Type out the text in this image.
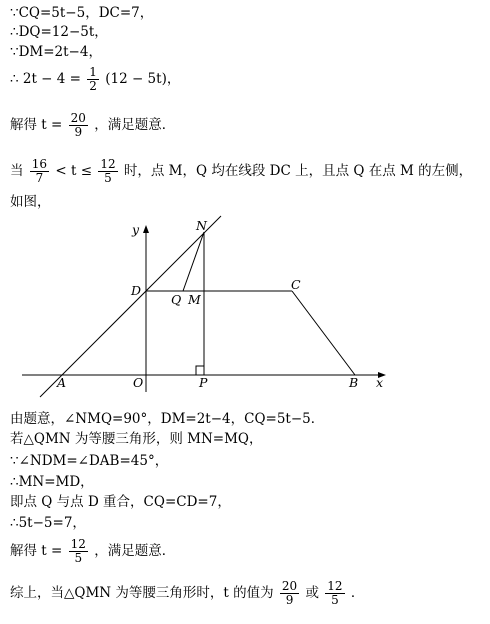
∵CQ=5t−5，DC=7，
∴DQ=12−5t，
∵DM=2t−4，
∴ $2t - 4 = \frac{1}{2} (12 - 5t)$，
解得 $t = \frac{20}{9}$ ，满足题意．
当 $\frac{16}{7} < t \le \frac{12}{5}$ 时，点 M，Q 均在线段 DC 上，且点 Q 在点 M 的左侧，
如图，
y	N
D
Q M
C
A	O	P	B x
由题意，∠NMQ=90°，DM=2t−4，CQ=5t−5．
若△QMN 为等腰三角形，则 MN=MQ，
∵∠NDM=∠DAB=45°，
∴MN=MD，
即点 Q 与点 D 重合，CQ=CD=7，
∴5t−5=7，
解得 $t = \frac{12}{5}$ ，满足题意．
综上，当△QMN 为等腰三角形时，t 的值为 $\frac{20}{9}$ 或 $\frac{12}{5}$ ．
